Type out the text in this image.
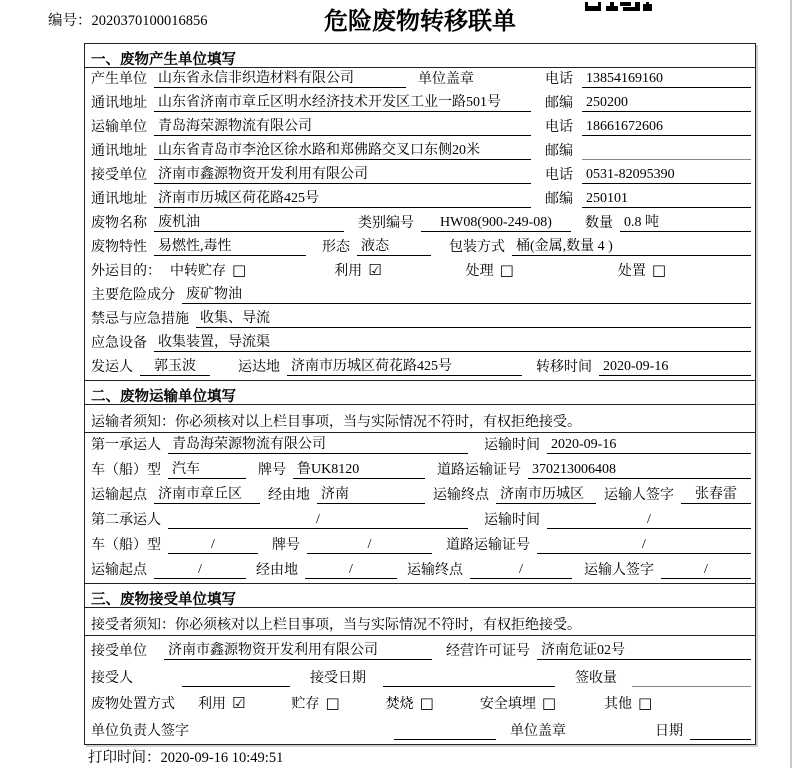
编号：2020370100016856	危险废物转移联单
一、废物产生单位填写
产生单位 山东省永信非织造材料有限公司	单位盖章	电话 13854169160
通讯地址 山东省济南市章丘区明水经济技术开发区工业一路501号	邮编 250200
运输单位 青岛海荣源物流有限公司	电话 18661672606
通讯地址 山东省青岛市李沧区徐水路和郑佛路交叉口东侧20米	邮编
接受单位 济南市鑫源物资开发利用有限公司	电话 0531-82095390
通讯地址 济南市历城区荷花路425号	邮编 250101
废物名称 废机油	类别编号	HW08(900-249-08)	数量 0.8 吨
废物特性 易燃性,毒性	形态 液态	包装方式 桶(金属,数量 4 )
外运目的： 中转贮存 □	利用 ☑	处理 □	处置 □
主要危险成分 废矿物油
禁忌与应急措施 收集、导流
应急设备 收集装置，导流渠
发运人	郭玉波	运达地 济南市历城区荷花路425号	转移时间 2020-09-16
二、废物运输单位填写
运输者须知：你必须核对以上栏目事项，当与实际情况不符时，有权拒绝接受。
第一承运人 青岛海荣源物流有限公司	运输时间 2020-09-16
车（船）型 汽车	牌号 鲁UK8120	道路运输证号 370213006408
运输起点 济南市章丘区	经由地 济南	运输终点 济南市历城区	运输人签字	张春雷
第二承运人	/	运输时间	/
车（船）型	/	牌号	/	道路运输证号	/
运输起点	/	经由地	/	运输终点	/	运输人签字	/
三、废物接受单位填写
接受者须知：你必须核对以上栏目事项，当与实际情况不符时，有权拒绝接受。
接受单位	济南市鑫源物资开发利用有限公司	经营许可证号 济南危证02号
接受人	接受日期	签收量
废物处置方式	利用 ☑	贮存 □	焚烧 □	安全填埋 □	其他 □
单位负责人签字	单位盖章	日期
打印时间：2020-09-16 10:49:51
